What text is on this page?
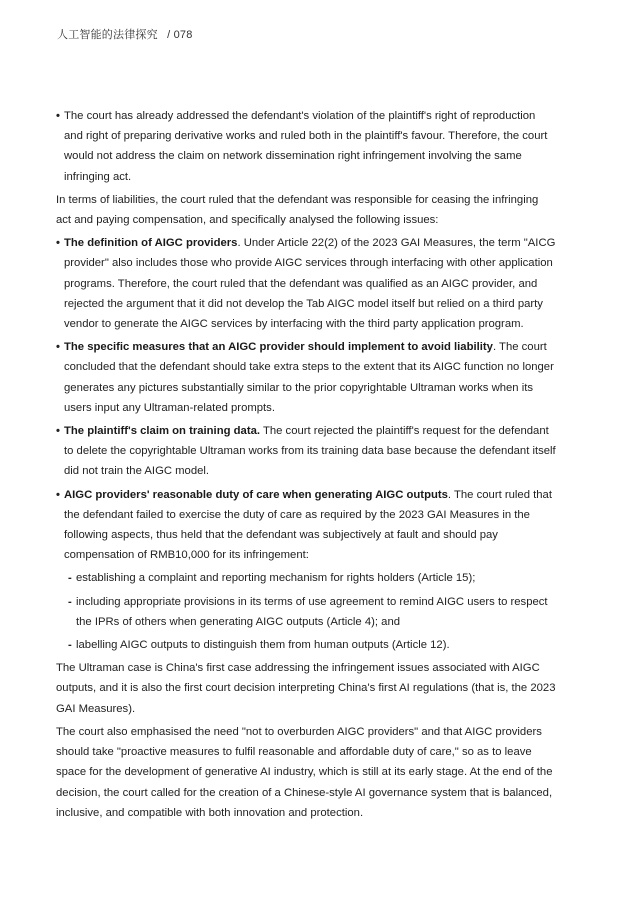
人工智能的法律探究 / 078
• The court has already addressed the defendant's violation of the plaintiff's right of reproduction and right of preparing derivative works and ruled both in the plaintiff's favour. Therefore, the court would not address the claim on network dissemination right infringement involving the same infringing act.

In terms of liabilities, the court ruled that the defendant was responsible for ceasing the infringing act and paying compensation, and specifically analysed the following issues:

• The definition of AIGC providers. Under Article 22(2) of the 2023 GAI Measures, the term "AICG provider" also includes those who provide AIGC services through interfacing with other application programs. Therefore, the court ruled that the defendant was qualified as an AIGC provider, and rejected the argument that it did not develop the Tab AIGC model itself but relied on a third party vendor to generate the AIGC services by interfacing with the third party application program.
• The specific measures that an AIGC provider should implement to avoid liability. The court concluded that the defendant should take extra steps to the extent that its AIGC function no longer generates any pictures substantially similar to the prior copyrightable Ultraman works when its users input any Ultraman-related prompts.
• The plaintiff's claim on training data. The court rejected the plaintiff's request for the defendant to delete the copyrightable Ultraman works from its training data base because the defendant itself did not train the AIGC model.
• AIGC providers' reasonable duty of care when generating AIGC outputs. The court ruled that the defendant failed to exercise the duty of care as required by the 2023 GAI Measures in the following aspects, thus held that the defendant was subjectively at fault and should pay compensation of RMB10,000 for its infringement:
- establishing a complaint and reporting mechanism for rights holders (Article 15);
- including appropriate provisions in its terms of use agreement to remind AIGC users to respect the IPRs of others when generating AIGC outputs (Article 4); and
- labelling AIGC outputs to distinguish them from human outputs (Article 12).

The Ultraman case is China's first case addressing the infringement issues associated with AIGC outputs, and it is also the first court decision interpreting China's first AI regulations (that is, the 2023 GAI Measures).

The court also emphasised the need "not to overburden AIGC providers" and that AIGC providers should take "proactive measures to fulfil reasonable and affordable duty of care," so as to leave space for the development of generative AI industry, which is still at its early stage. At the end of the decision, the court called for the creation of a Chinese-style AI governance system that is balanced, inclusive, and compatible with both innovation and protection.
